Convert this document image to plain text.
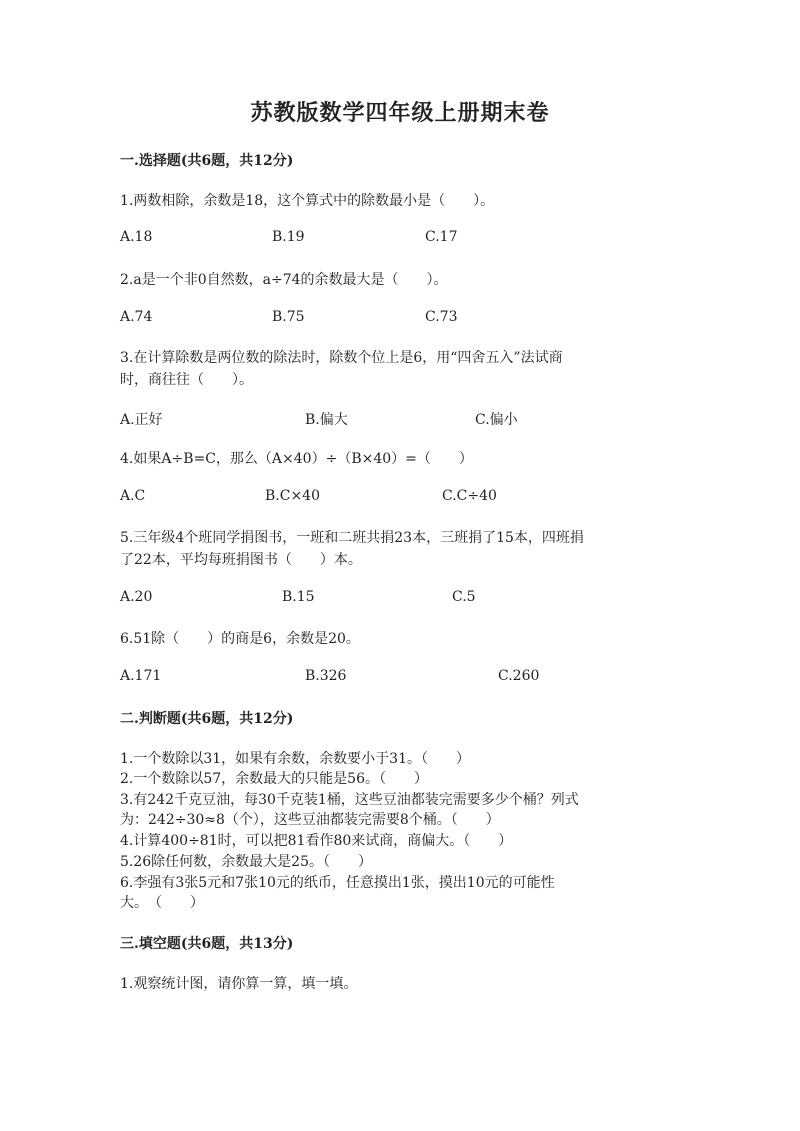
苏教版数学四年级上册期末卷
一.选择题(共6题，共12分)
1.两数相除，余数是18，这个算式中的除数最小是（　　）。
A.18	B.19	C.17
2.a是一个非0自然数，a÷74的余数最大是（　　）。
A.74	B.75	C.73
3.在计算除数是两位数的除法时，除数个位上是6，用“四舍五入”法试商
时，商往往（　　）。
A.正好	B.偏大	C.偏小
4.如果A÷B=C，那么（A×40）÷（B×40）=（　　）
A.C	B.C×40	C.C÷40
5.三年级4个班同学捐图书，一班和二班共捐23本，三班捐了15本，四班捐
了22本，平均每班捐图书（　　）本。
A.20	B.15	C.5
6.51除（　　）的商是6，余数是20。
A.171	B.326	C.260
二.判断题(共6题，共12分)
1.一个数除以31，如果有余数，余数要小于31。（　　）
2.一个数除以57，余数最大的只能是56。（　　）
3.有242千克豆油，每30千克装1桶，这些豆油都装完需要多少个桶？列式
为：242÷30≈8（个），这些豆油都装完需要8个桶。（　　）
4.计算400÷81时，可以把81看作80来试商，商偏大。（　　）
5.26除任何数，余数最大是25。（　　）
6.李强有3张5元和7张10元的纸币，任意摸出1张，摸出10元的可能性
大。　（　　）
三.填空题(共6题，共13分)
1.观察统计图，请你算一算，填一填。
